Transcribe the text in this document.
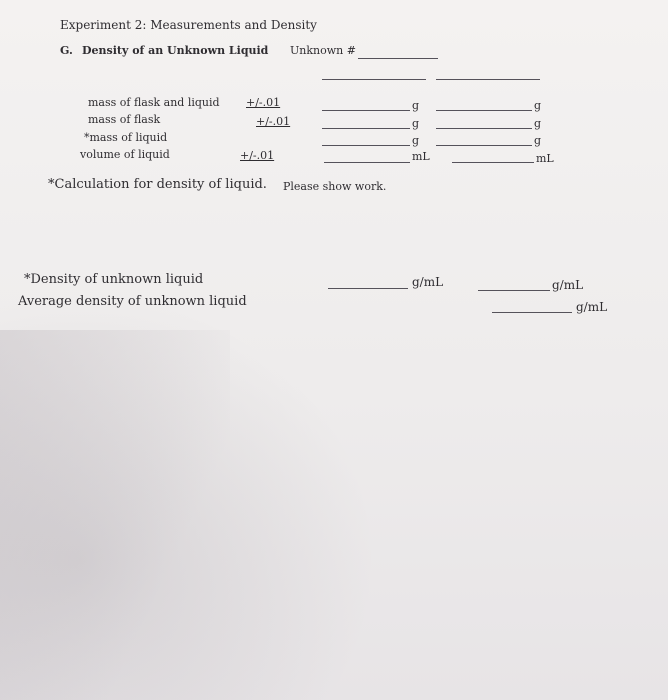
Experiment 2: Measurements and Density
G. Density of an Unknown Liquid Unknown #
mass of flask and liquid +/-.01	g	g
mass of flask	+/-.01	g	g
*mass of liquid	g	g
volume of liquid	+/-.01	mL	mL
*Calculation for density of liquid. Please show work.
*Density of unknown liquid	g/mL	g/mL
Average density of unknown liquid	g/mL
